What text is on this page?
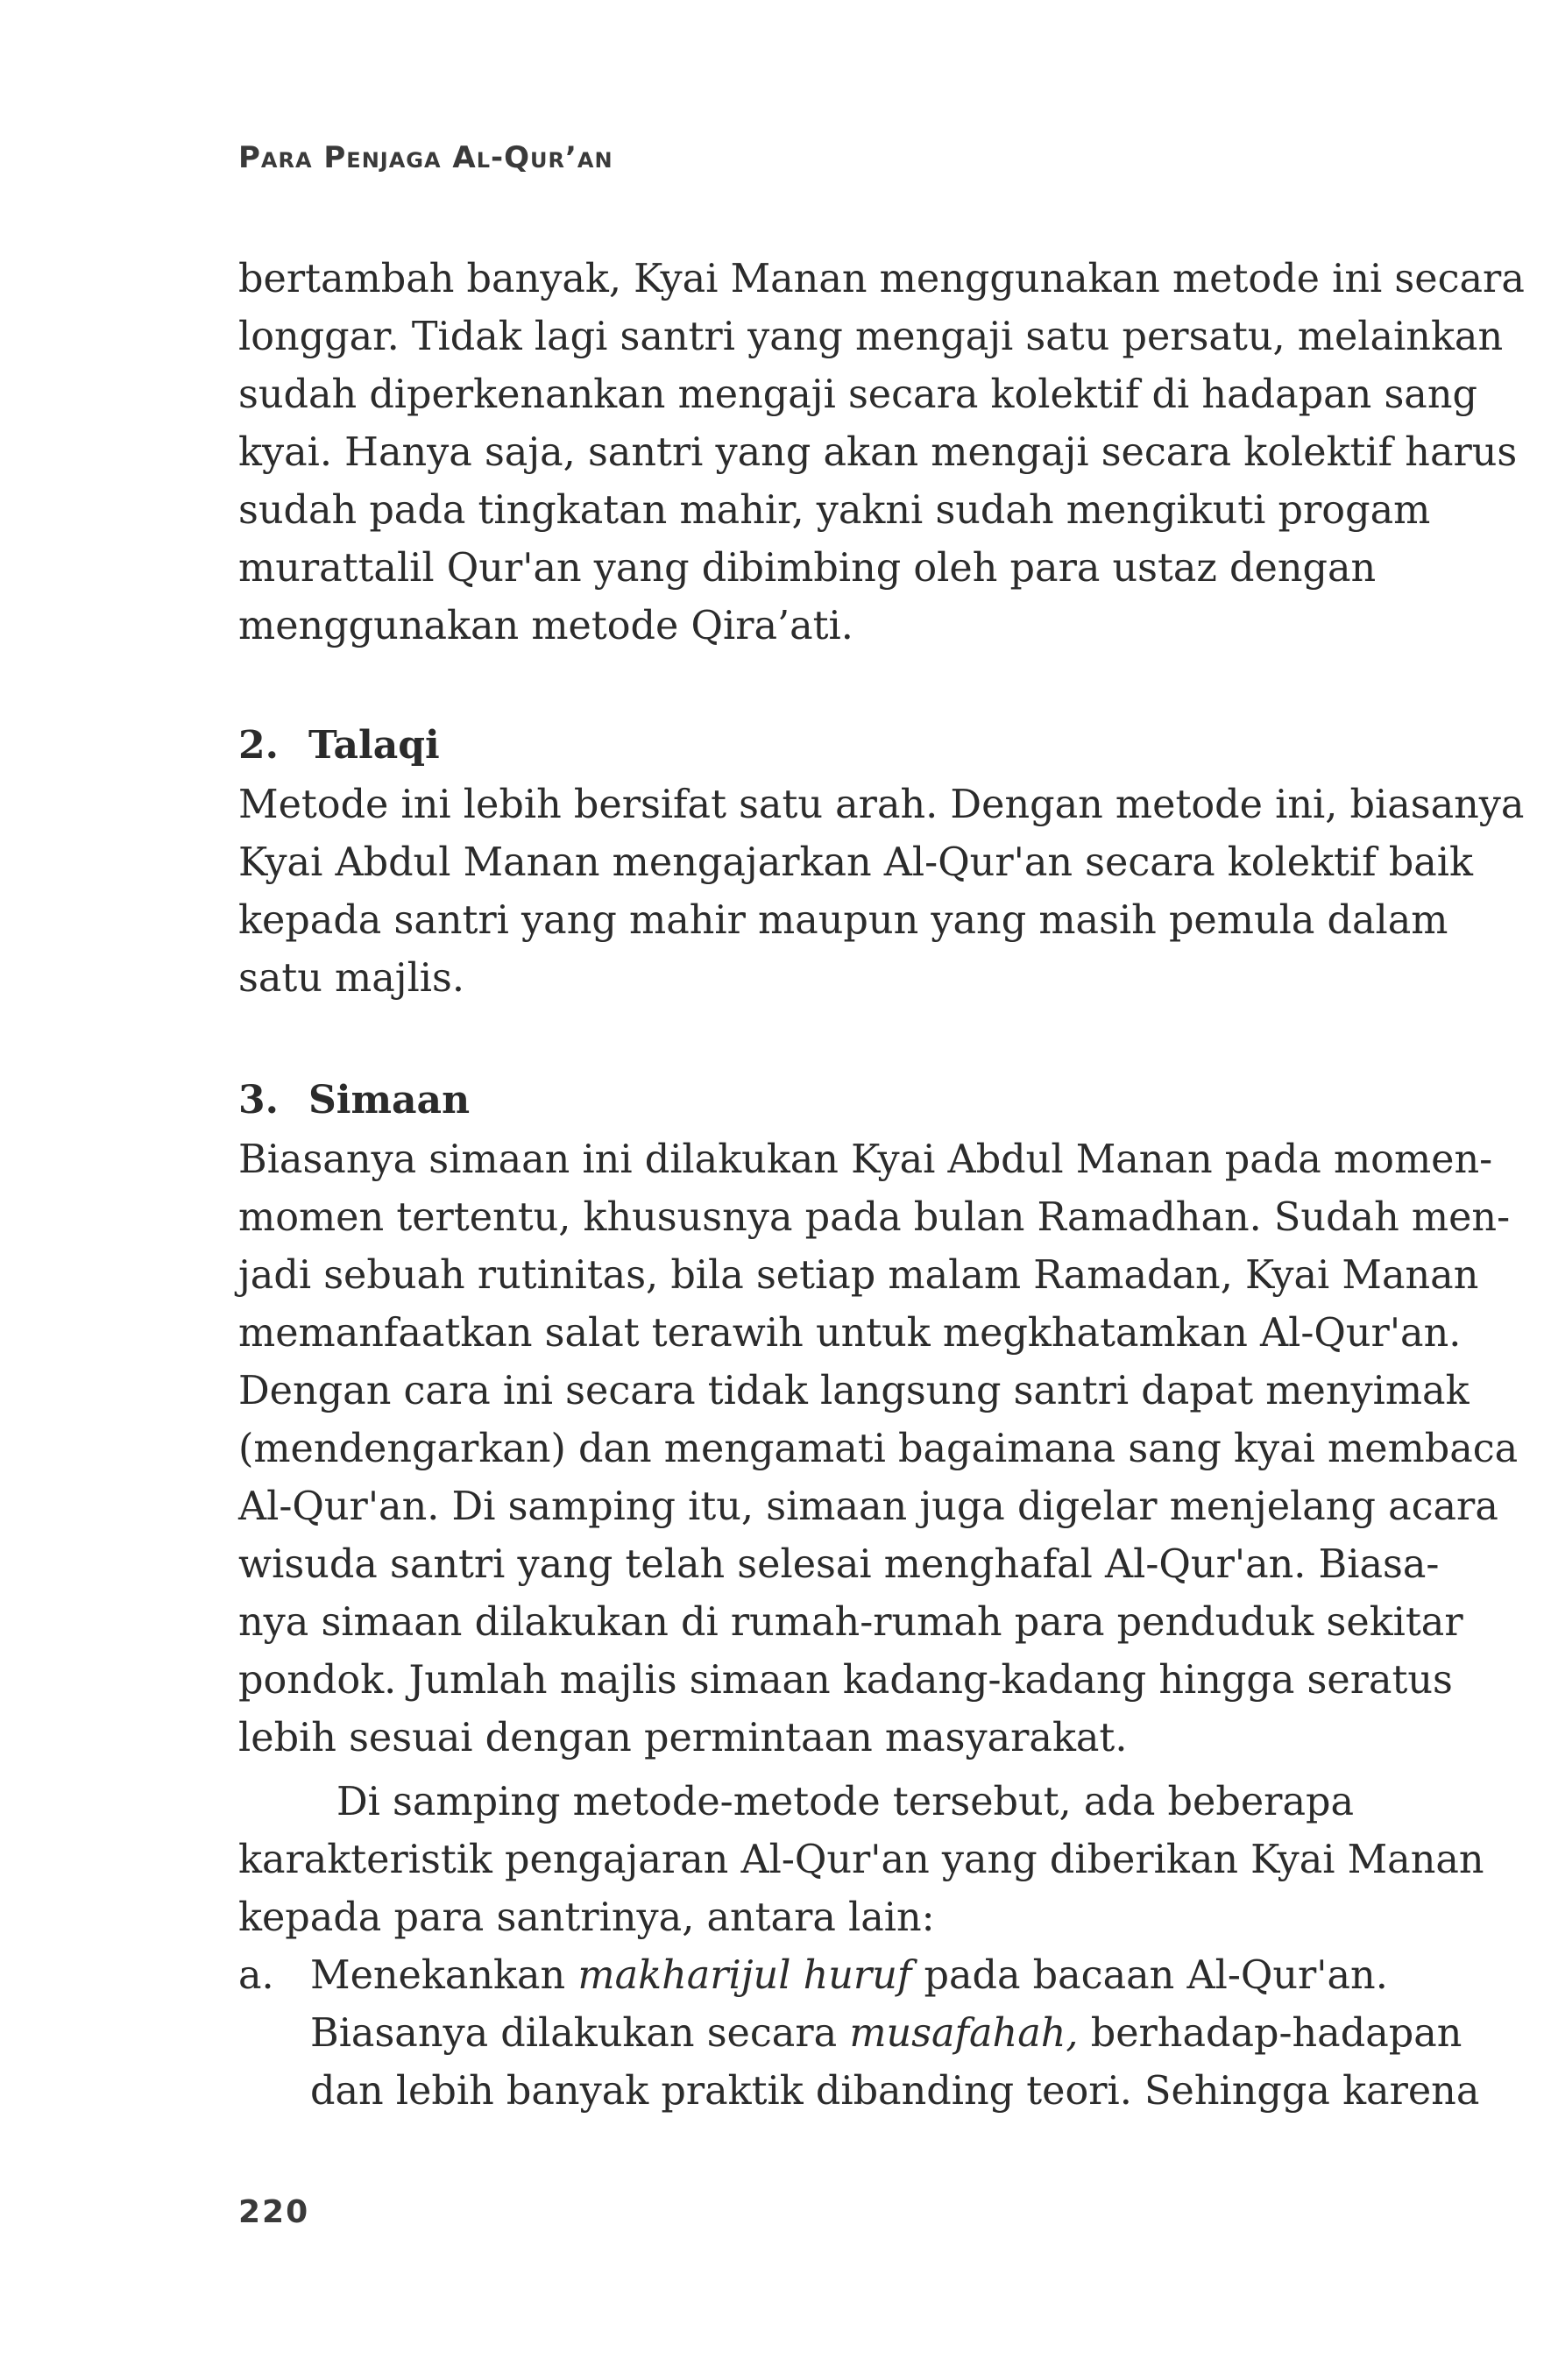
Para Penjaga Al-Qur’an
bertambah banyak, Kyai Manan menggunakan metode ini secara
longgar. Tidak lagi santri yang mengaji satu persatu, melainkan
sudah diperkenankan mengaji secara kolektif di hadapan sang
kyai. Hanya saja, santri yang akan mengaji secara kolektif harus
sudah pada tingkatan mahir, yakni sudah mengikuti progam
murattalil Qur'an yang dibimbing oleh para ustaz dengan
menggunakan metode Qira’ati.
2. Talaqi
Metode ini lebih bersifat satu arah. Dengan metode ini, biasanya
Kyai Abdul Manan mengajarkan Al-Qur'an secara kolektif baik
kepada santri yang mahir maupun yang masih pemula dalam
satu majlis.
3. Simaan
Biasanya simaan ini dilakukan Kyai Abdul Manan pada momen-
momen tertentu, khususnya pada bulan Ramadhan. Sudah men-
jadi sebuah rutinitas, bila setiap malam Ramadan, Kyai Manan
memanfaatkan salat terawih untuk megkhatamkan Al-Qur'an.
Dengan cara ini secara tidak langsung santri dapat menyimak
(mendengarkan) dan mengamati bagaimana sang kyai membaca
Al-Qur'an. Di samping itu, simaan juga digelar menjelang acara
wisuda santri yang telah selesai menghafal Al-Qur'an. Biasa-
nya simaan dilakukan di rumah-rumah para penduduk sekitar
pondok. Jumlah majlis simaan kadang-kadang hingga seratus
lebih sesuai dengan permintaan masyarakat.
Di samping metode-metode tersebut, ada beberapa
karakteristik pengajaran Al-Qur'an yang diberikan Kyai Manan
kepada para santrinya, antara lain:
a. Menekankan makharijul huruf pada bacaan Al-Qur'an.
Biasanya dilakukan secara musafahah, berhadap-hadapan
dan lebih banyak praktik dibanding teori. Sehingga karena
220
